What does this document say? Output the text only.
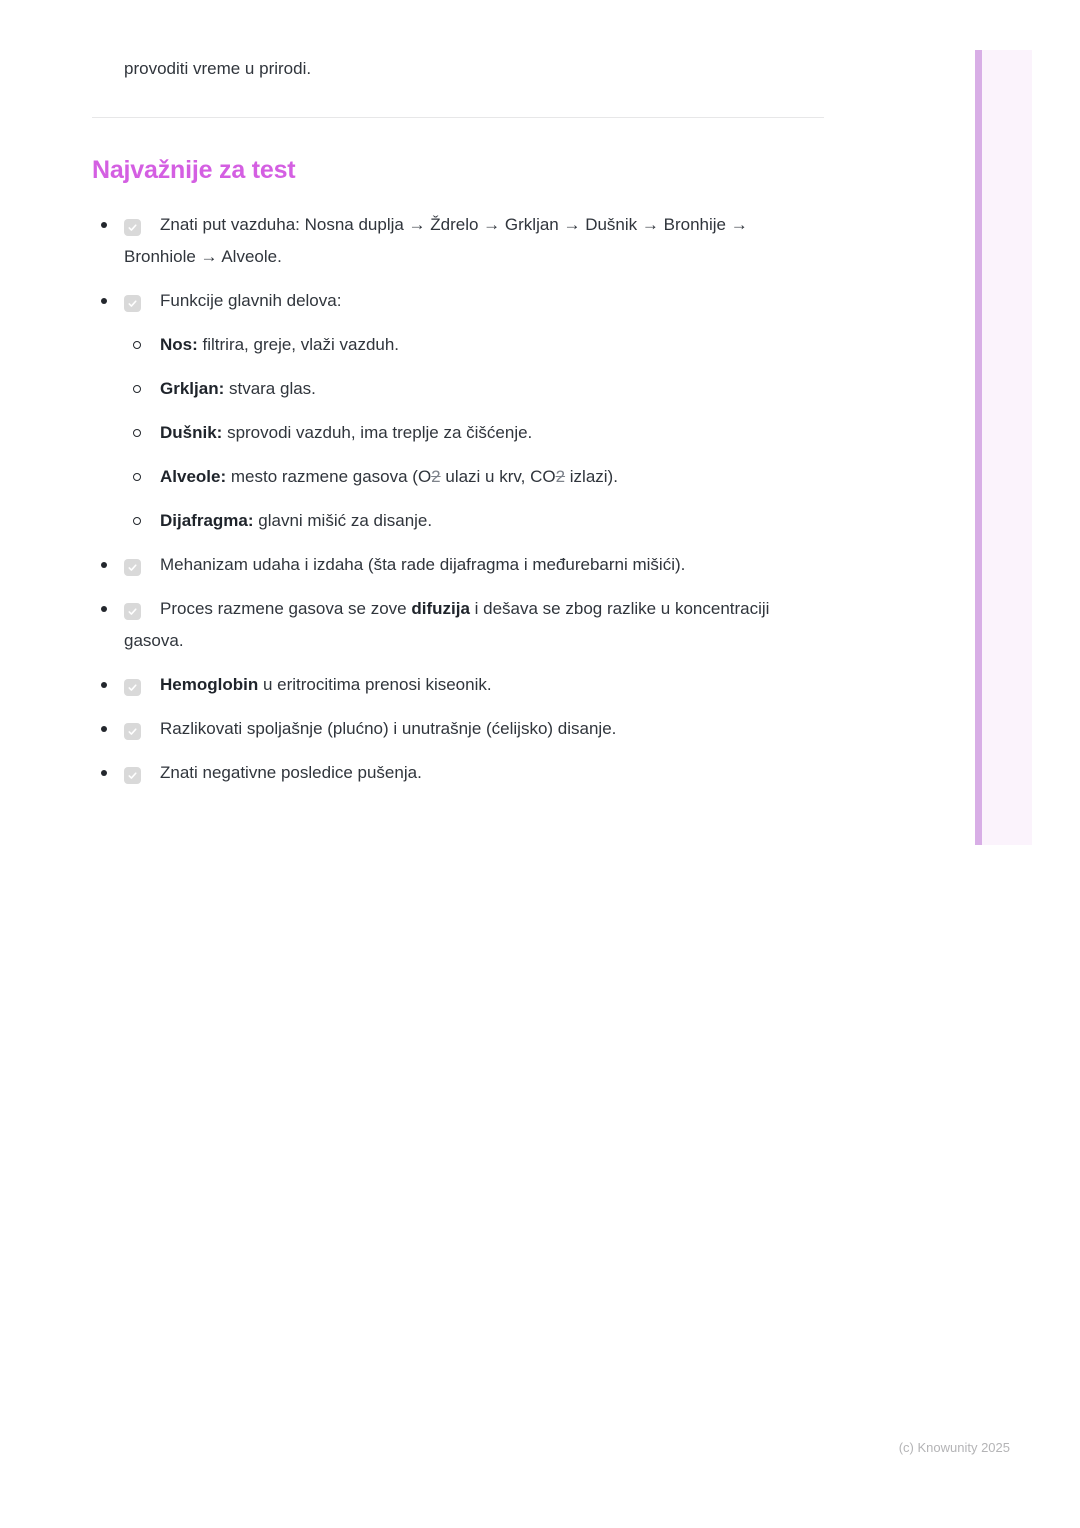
provoditi vreme u prirodi.

Najvažnije za test
Znati put vazduha: Nosna duplja → Ždrelo → Grkljan → Dušnik → Bronhije → Bronhiole → Alveole.
Funkcije glavnih delova:
Nos: filtrira, greje, vlaži vazduh.
Grkljan: stvara glas.
Dušnik: sprovodi vazduh, ima treplje za čišćenje.
Alveole: mesto razmene gasova (O2 ulazi u krv, CO2 izlazi).
Dijafragma: glavni mišić za disanje.
Mehanizam udaha i izdaha (šta rade dijafragma i međurebarni mišići).
Proces razmene gasova se zove difuzija i dešava se zbog razlike u koncentraciji gasova.
Hemoglobin u eritrocitima prenosi kiseonik.
Razlikovati spoljašnje (plućno) i unutrašnje (ćelijsko) disanje.
Znati negativne posledice pušenja.
(c) Knowunity 2025
